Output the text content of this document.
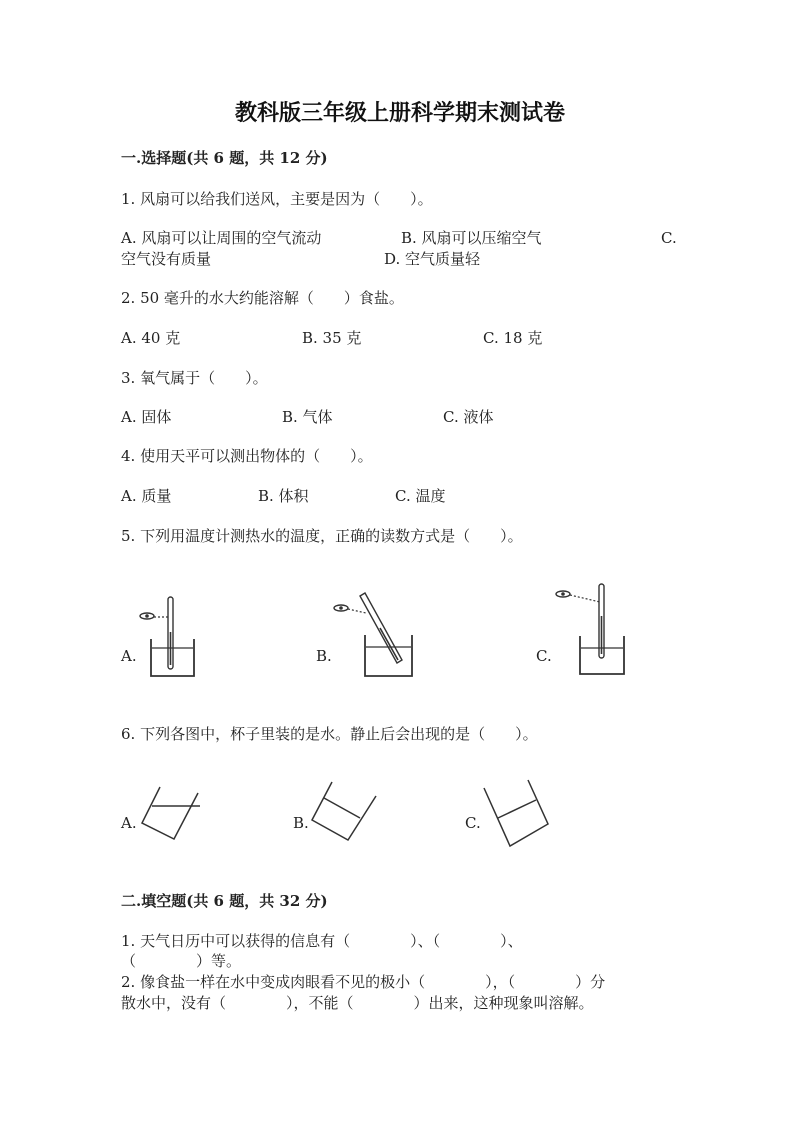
教科版三年级上册科学期末测试卷
一.选择题(共 6 题，共 12 分)
1. 风扇可以给我们送风，主要是因为（　　）。
A. 风扇可以让周围的空气流动	B. 风扇可以压缩空气	C.
空气没有质量	D. 空气质量轻
2. 50 毫升的水大约能溶解（　　）食盐。
A. 40 克	B. 35 克	C. 18 克
3. 氧气属于（　　）。
A. 固体	B. 气体	C. 液体
4. 使用天平可以测出物体的（　　）。
A. 质量	B. 体积	C. 温度
5. 下列用温度计测热水的温度，正确的读数方式是（　　）。
A.	B.	C.
6. 下列各图中，杯子里装的是水。静止后会出现的是（　　）。
A.	B.	C.
二.填空题(共 6 题，共 32 分)
1. 天气日历中可以获得的信息有（　　　　）、（　　　　）、
（　　　　）等。
2. 像食盐一样在水中变成肉眼看不见的极小（　　　　），（　　　　）分
散水中，没有（　　　　），不能（　　　　）出来，这种现象叫溶解。
